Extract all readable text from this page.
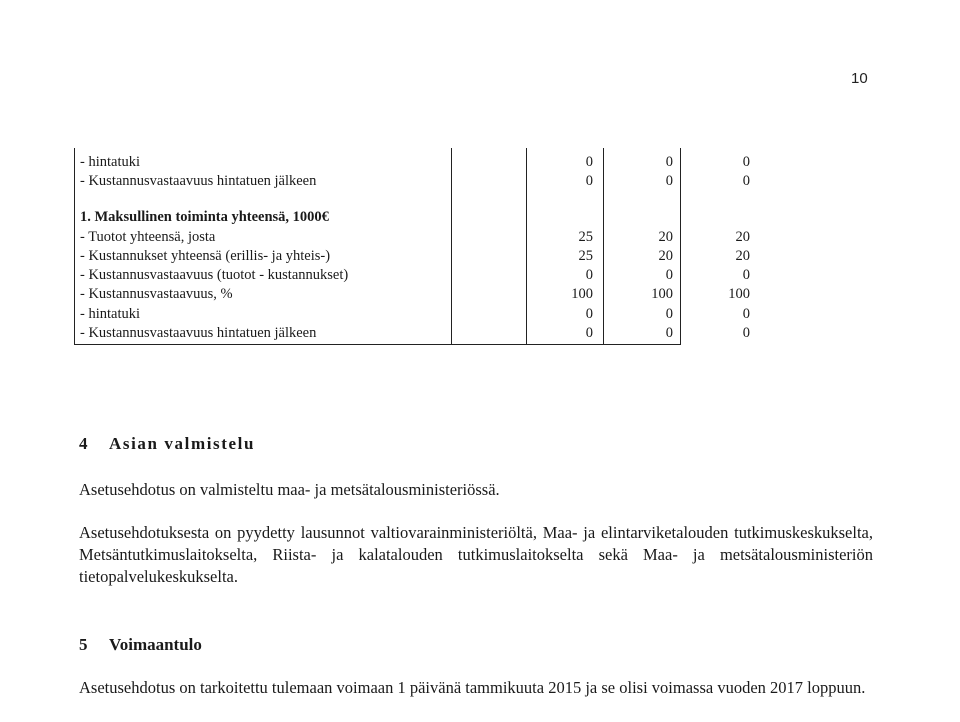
10
- hintatuki	0	0	0
- Kustannusvastaavuus hintatuen jälkeen	0	0	0
1. Maksullinen toiminta yhteensä, 1000€
- Tuotot yhteensä, josta	25	20	20
- Kustannukset yhteensä (erillis- ja yhteis-)	25	20	20
- Kustannusvastaavuus (tuotot - kustannukset)	0	0	0
- Kustannusvastaavuus, %	100	100	100
- hintatuki	0	0	0
- Kustannusvastaavuus hintatuen jälkeen	0	0	0
4 Asian valmistelu
Asetusehdotus on valmisteltu maa- ja metsätalousministeriössä.
Asetusehdotuksesta on pyydetty lausunnot valtiovarainministeriöltä, Maa- ja elintarviketalouden tutkimuskeskukselta, Metsäntutkimuslaitokselta, Riista- ja kalatalouden tutkimuslaitokselta sekä Maa- ja metsätalousministeriön tietopalvelukeskukselta.
5 Voimaantulo
Asetusehdotus on tarkoitettu tulemaan voimaan 1 päivänä tammikuuta 2015 ja se olisi voimassa vuoden 2017 loppuun.
